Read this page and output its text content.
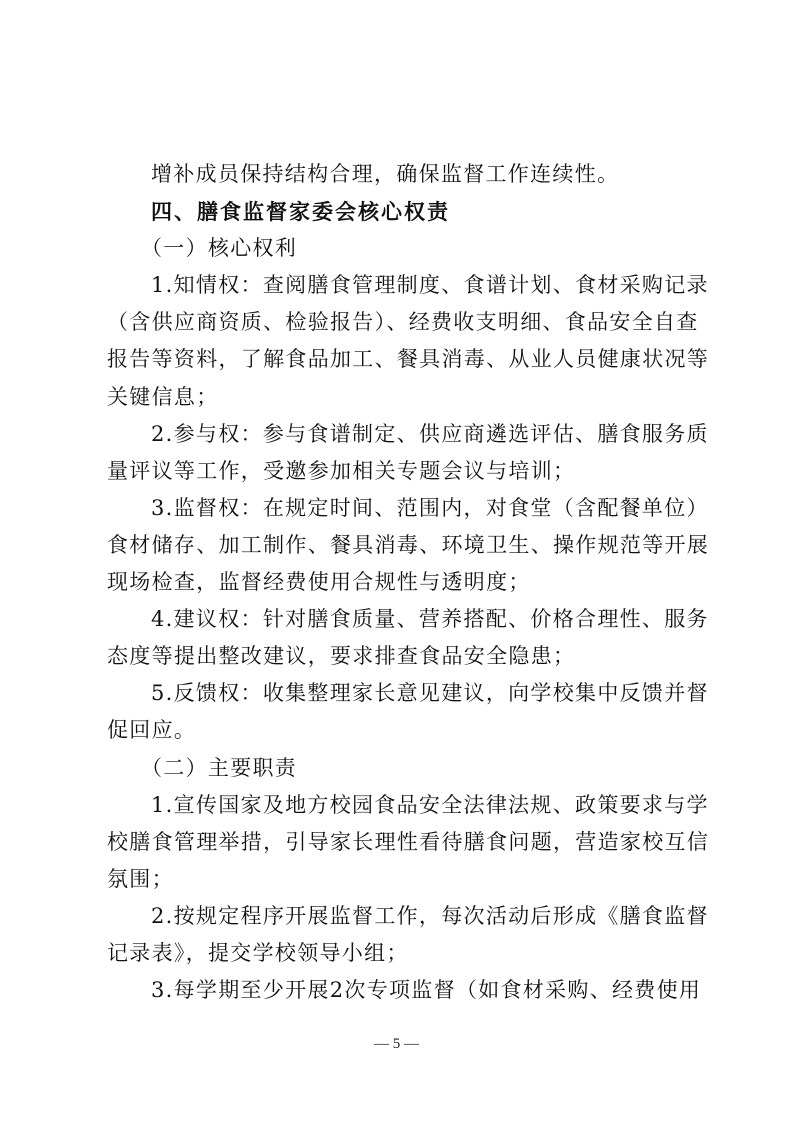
增补成员保持结构合理，确保监督工作连续性。
四、膳食监督家委会核心权责
（一）核心权利
1.知情权：查阅膳食管理制度、食谱计划、食材采购记录
（含供应商资质、检验报告）、经费收支明细、食品安全自查
报告等资料，了解食品加工、餐具消毒、从业人员健康状况等
关键信息；
2.参与权：参与食谱制定、供应商遴选评估、膳食服务质
量评议等工作，受邀参加相关专题会议与培训；
3.监督权：在规定时间、范围内，对食堂（含配餐单位）
食材储存、加工制作、餐具消毒、环境卫生、操作规范等开展
现场检查，监督经费使用合规性与透明度；
4.建议权：针对膳食质量、营养搭配、价格合理性、服务
态度等提出整改建议，要求排查食品安全隐患；
5.反馈权：收集整理家长意见建议，向学校集中反馈并督
促回应。
（二）主要职责
1.宣传国家及地方校园食品安全法律法规、政策要求与学
校膳食管理举措，引导家长理性看待膳食问题，营造家校互信
氛围；
2.按规定程序开展监督工作，每次活动后形成《膳食监督
记录表》，提交学校领导小组；
3.每学期至少开展2次专项监督（如食材采购、经费使用
— 5 —
